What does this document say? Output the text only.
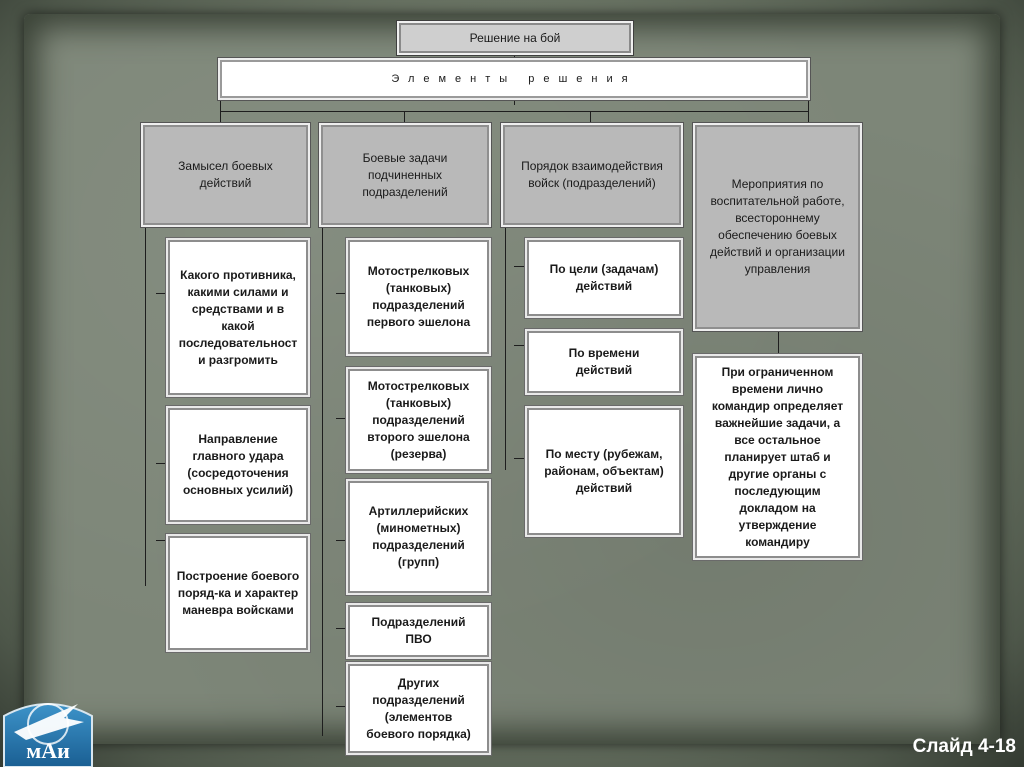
Решение на бой
Элементы решения
Замысел боевых действий
Боевые задачи подчиненных подразделений
Порядок взаимодействия войск (подразделений)	Мероприятия по воспитательной работе, всестороннему обеспечению боевых действий и организации управления
Какого противника, какими силами и средствами и в какой последовательност и разгромить
Направление главного удара (сосредоточения основных усилий)
Построение боевого поряд-ка и характер маневра войсками
Мотострелковых (танковых) подразделений первого эшелона
Мотострелковых (танковых) подразделений второго эшелона (резерва)
Артиллерийских (минометных) подразделений (групп)
Подразделений ПВО
Других подразделений (элементов боевого порядка)
По цели (задачам) действий
По времени действий
По месту (рубежам, районам, объектам) действий
При ограниченном времени лично командир определяет важнейшие задачи, а все остальное планирует штаб и другие органы с последующим докладом на утверждение командиру
мАи	Слайд 4-18
